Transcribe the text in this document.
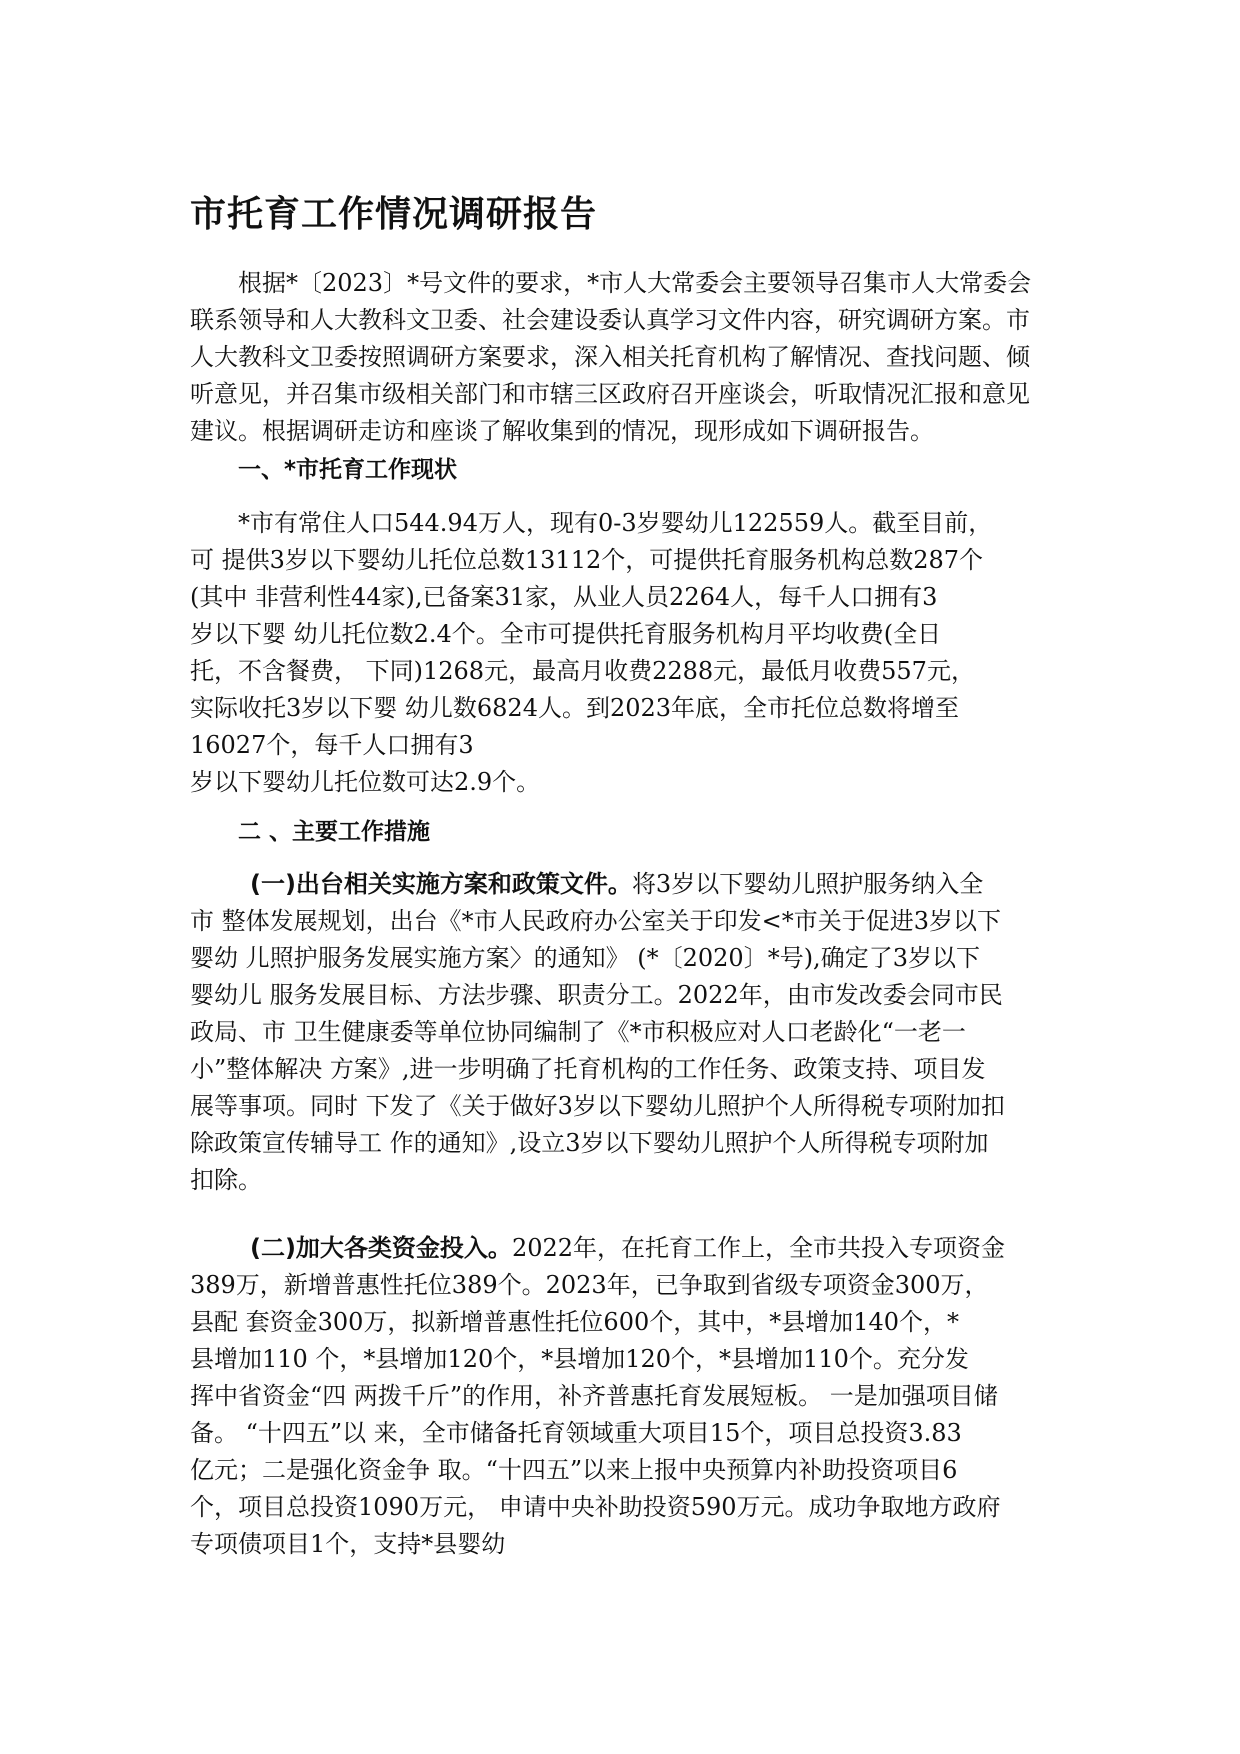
市托育工作情况调研报告
根据*〔2023〕*号文件的要求，*市人大常委会主要领导召集市人大常委会
联系领导和人大教科文卫委、社会建设委认真学习文件内容，研究调研方案。市
人大教科文卫委按照调研方案要求，深入相关托育机构了解情况、查找问题、倾
听意见，并召集市级相关部门和市辖三区政府召开座谈会，听取情况汇报和意见
建议。根据调研走访和座谈了解收集到的情况，现形成如下调研报告。
一、*市托育工作现状
*市有常住人口544.94万人，现有0-3岁婴幼儿122559人。截至目前，
可 提供3岁以下婴幼儿托位总数13112个，可提供托育服务机构总数287个
(其中 非营利性44家),已备案31家，从业人员2264人，每千人口拥有3
岁以下婴 幼儿托位数2.4个。全市可提供托育服务机构月平均收费(全日
托，不含餐费， 下同)1268元，最高月收费2288元，最低月收费557元，
实际收托3岁以下婴 幼儿数6824人。到2023年底，全市托位总数将增至
16027个，每千人口拥有3
岁以下婴幼儿托位数可达2.9个。
二 、主要工作措施
(一)出台相关实施方案和政策文件。将3岁以下婴幼儿照护服务纳入全
市 整体发展规划，出台《*市人民政府办公室关于印发<*市关于促进3岁以下
婴幼 儿照护服务发展实施方案〉的通知》 (*〔2020〕*号),确定了3岁以下
婴幼儿 服务发展目标、方法步骤、职责分工。2022年，由市发改委会同市民
政局、市 卫生健康委等单位协同编制了《*市积极应对人口老龄化“一老一
小”整体解决 方案》,进一步明确了托育机构的工作任务、政策支持、项目发
展等事项。同时 下发了《关于做好3岁以下婴幼儿照护个人所得税专项附加扣
除政策宣传辅导工 作的通知》,设立3岁以下婴幼儿照护个人所得税专项附加
扣除。
(二)加大各类资金投入。2022年，在托育工作上，全市共投入专项资金
389万，新增普惠性托位389个。2023年，已争取到省级专项资金300万，
县配 套资金300万，拟新增普惠性托位600个，其中，*县增加140个，*
县增加110 个，*县增加120个，*县增加120个，*县增加110个。充分发
挥中省资金“四 两拨千斤”的作用，补齐普惠托育发展短板。 一是加强项目储
备。 “十四五”以 来，全市储备托育领域重大项目15个，项目总投资3.83
亿元；二是强化资金争 取。“十四五”以来上报中央预算内补助投资项目6
个，项目总投资1090万元， 申请中央补助投资590万元。成功争取地方政府
专项债项目1个，支持*县婴幼
